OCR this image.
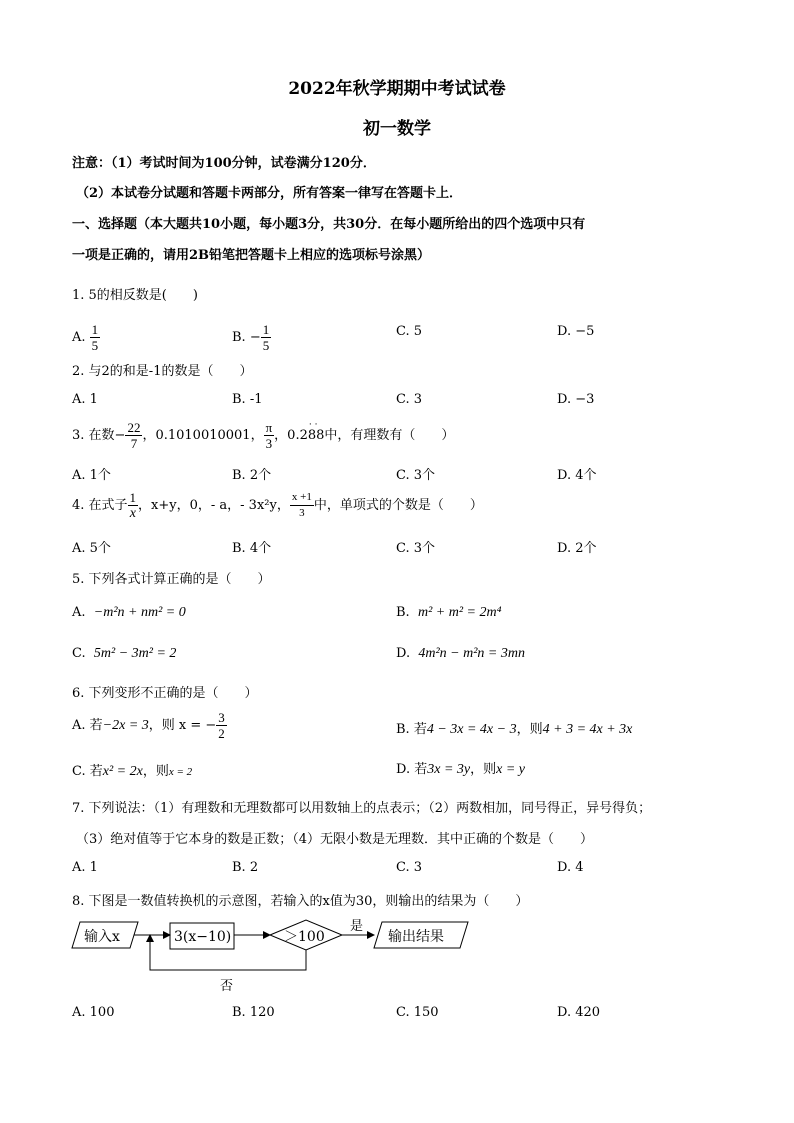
2022年秋学期期中考试试卷
初一数学
注意：（1）考试时间为100分钟，试卷满分120分．
（2）本试卷分试题和答题卡两部分，所有答案一律写在答题卡上．
一、选择题（本大题共10小题，每小题3分，共30分．在每小题所给出的四个选项中只有
一项是正确的，请用2B铅笔把答题卡上相应的选项标号涂黑）
1. 5的相反数是(　　)
A. $\frac{1}{5}$	B. − $\frac{1}{5}$	C. 5	D. −5
2. 与2的和是-1的数是（　　）
A. 1	B. -1	C. 3	D. −3
3. 在数− $\frac{22}{7}$ ，0.1010010001， $\frac{\pi}{3}$ ，0.288
· ·
中，有理数有（　　）
A. 1个	B. 2个	C. 3个	D. 4个
4. 在式子 $\frac{1}{x}$ ，x+y，0，- a，- 3x²y， $\frac{x +1}{3}$ 中，单项式的个数是（　　）
A. 5个	B. 4个	C. 3个	D. 2个
5. 下列各式计算正确的是（　　）
A. −m²n + nm² = 0	B. m² + m² = 2m⁴
C. 5m² − 3m² = 2	D. 4m²n − m²n = 3mn
6. 下列变形不正确的是（　　）
A. 若−2x = 3，则 x = − $\frac{3}{2}$	B. 若4 − 3x = 4x − 3，则4 + 3 = 4x + 3x
C. 若x² = 2x，则x = 2	D. 若3x = 3y，则x = y
7. 下列说法：（1）有理数和无理数都可以用数轴上的点表示；（2）两数相加，同号得正，异号得负；
（3）绝对值等于它本身的数是正数；（4）无限小数是无理数．其中正确的个数是（　　）
A. 1	B. 2	C. 3	D. 4
8. 下图是一数值转换机的示意图，若输入的x值为30，则输出的结果为（　　）
输入x	3(x−10)	＞100
是
输出结果
否
A. 100	B. 120	C. 150	D. 420
